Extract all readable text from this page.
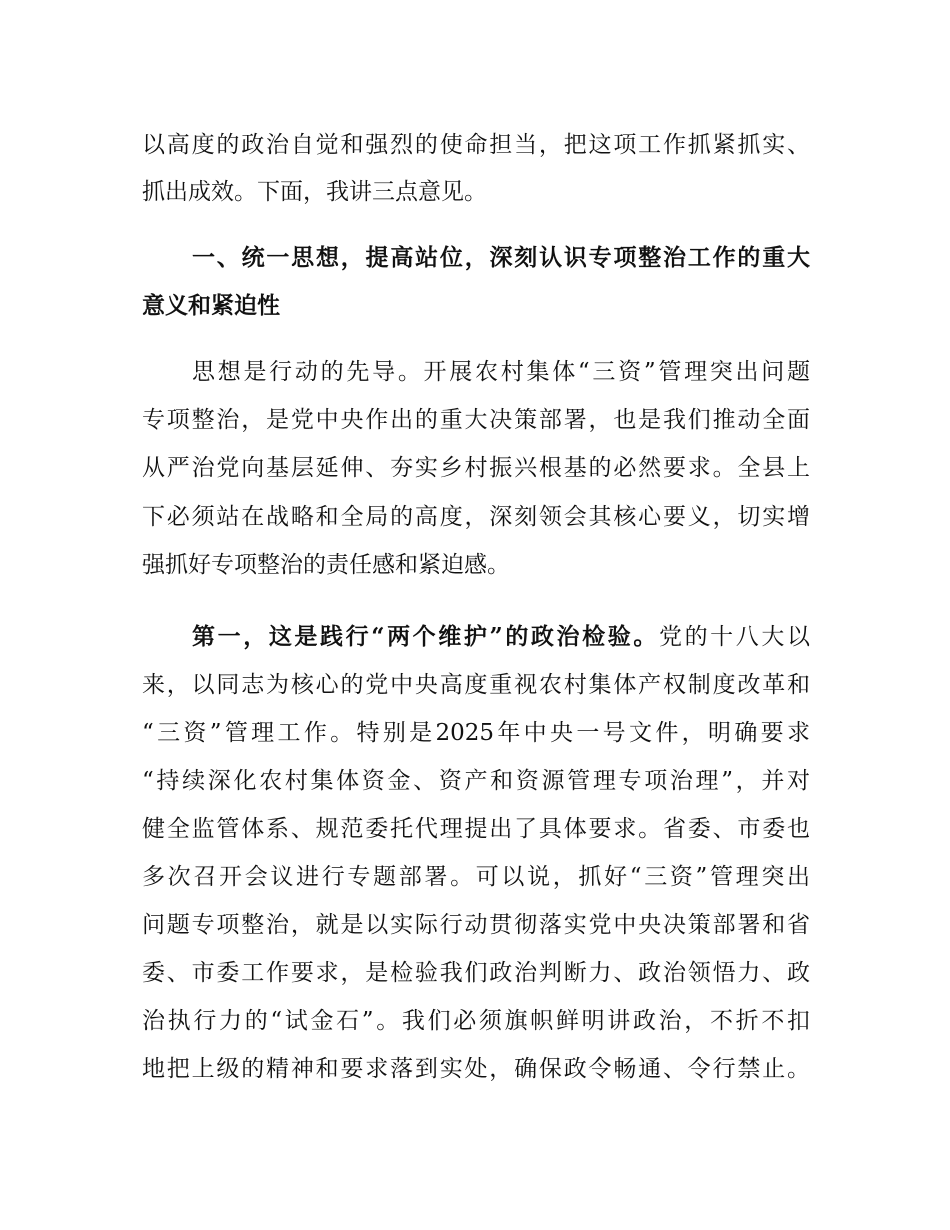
以高度的政治自觉和强烈的使命担当，把这项工作抓紧抓实、
抓出成效。下面，我讲三点意见。
一、统一思想，提高站位，深刻认识专项整治工作的重大
意义和紧迫性
思想是行动的先导。开展农村集体“三资”管理突出问题
专项整治，是党中央作出的重大决策部署，也是我们推动全面
从严治党向基层延伸、夯实乡村振兴根基的必然要求。全县上
下必须站在战略和全局的高度，深刻领会其核心要义，切实增
强抓好专项整治的责任感和紧迫感。
第一，这是践行“两个维护”的政治检验。党的十八大以
来，以同志为核心的党中央高度重视农村集体产权制度改革和
“三资”管理工作。特别是2025年中央一号文件，明确要求
“持续深化农村集体资金、资产和资源管理专项治理”，并对
健全监管体系、规范委托代理提出了具体要求。省委、市委也
多次召开会议进行专题部署。可以说，抓好“三资”管理突出
问题专项整治，就是以实际行动贯彻落实党中央决策部署和省
委、市委工作要求，是检验我们政治判断力、政治领悟力、政
治执行力的“试金石”。我们必须旗帜鲜明讲政治，不折不扣
地把上级的精神和要求落到实处，确保政令畅通、令行禁止。
